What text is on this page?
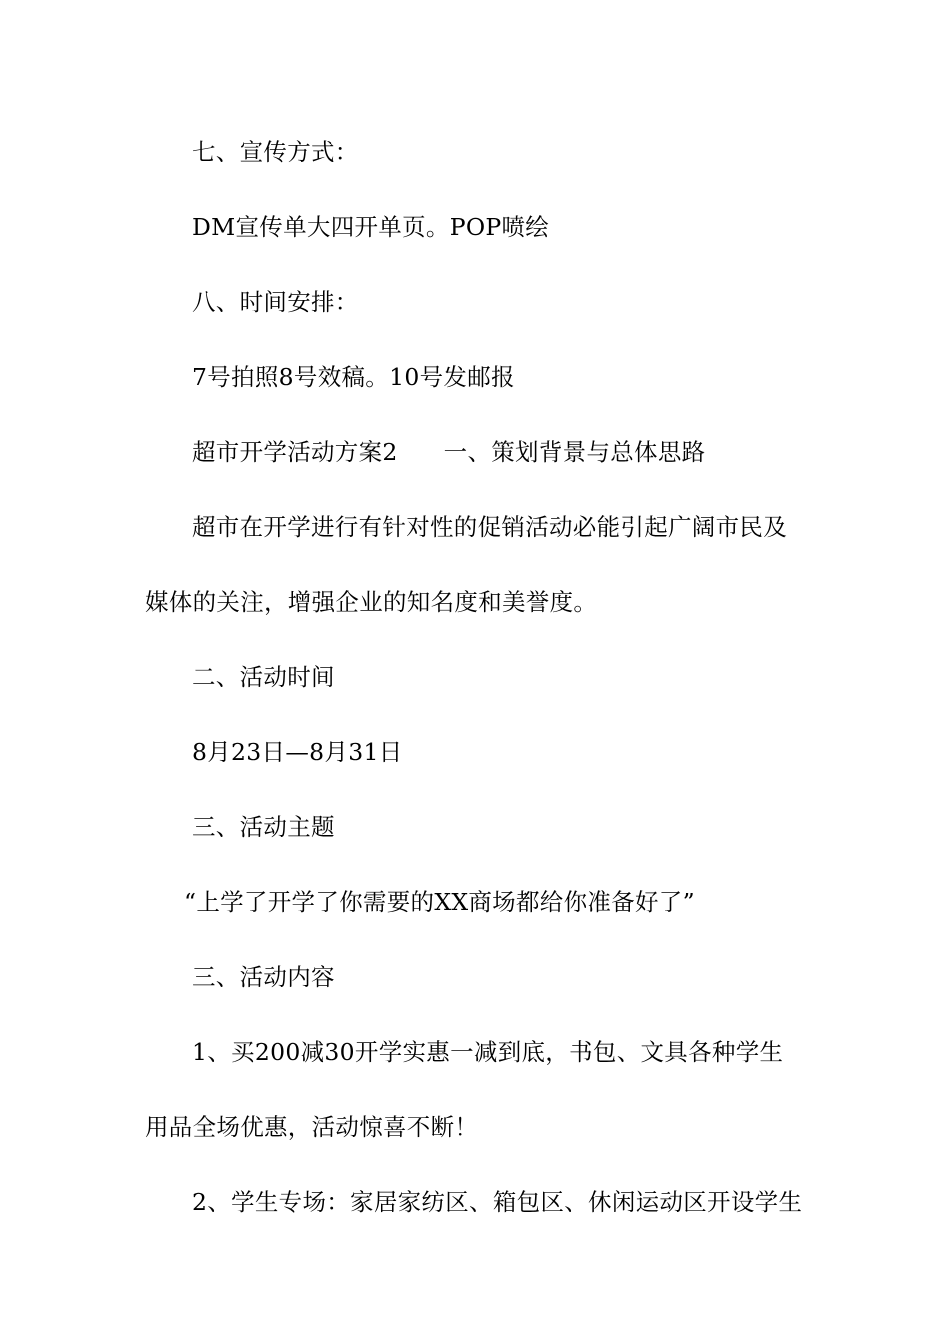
七、宣传方式：
DM宣传单大四开单页。POP喷绘
八、时间安排：
7号拍照8号效稿。10号发邮报
超市开学活动方案2 一、策划背景与总体思路
超市在开学进行有针对性的促销活动必能引起广阔市民及
媒体的关注，增强企业的知名度和美誉度。
二、活动时间
8月23日—8月31日
三、活动主题
“上学了开学了你需要的XX商场都给你准备好了”
三、活动内容
1、买200减30开学实惠一减到底，书包、文具各种学生
用品全场优惠，活动惊喜不断！
2、学生专场：家居家纺区、箱包区、休闲运动区开设学生
